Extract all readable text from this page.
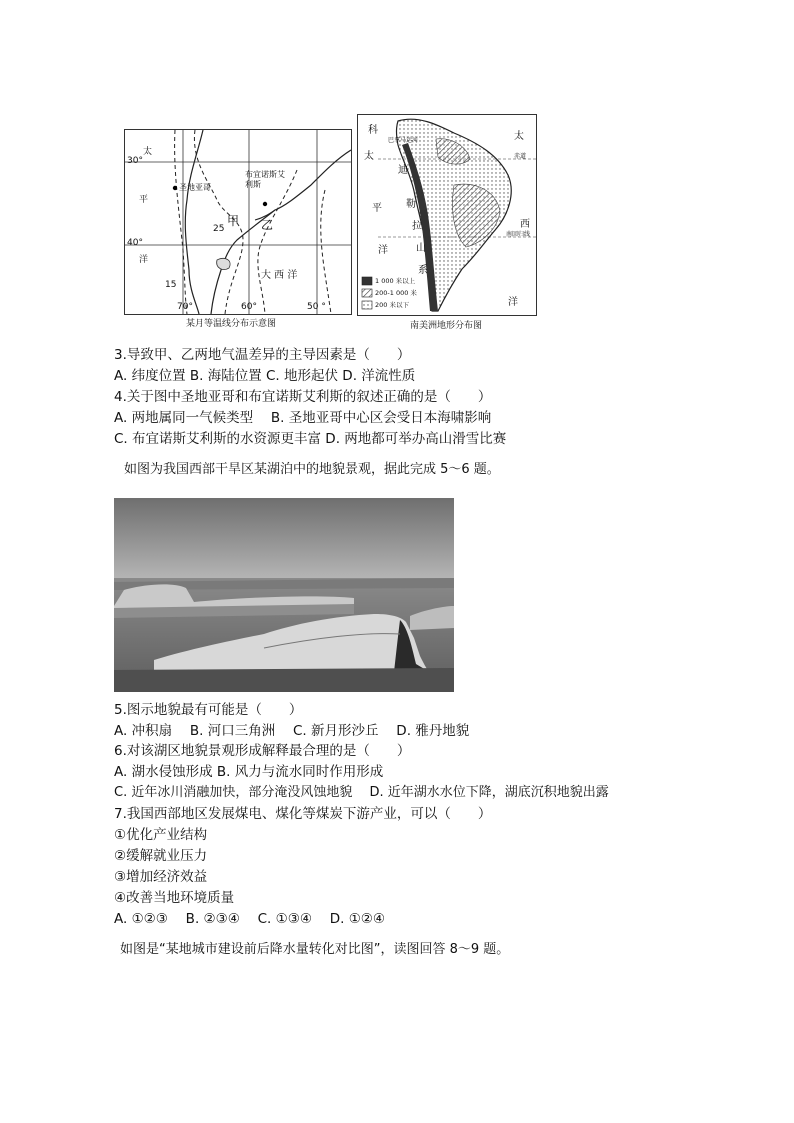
太
平
洋
30°
40°
圣地亚哥
布宜诺斯艾利斯
甲 乙
25
15
大 西 洋
70°	60°	50 °
某月等温线分布示意图
科
太
迪
勒
拉
山
系
平
洋
太
西
洋
巴拿马运河
赤道
南回归线
1 000 米以上
200-1 000 米
200 米以下
南美洲地形分布图
3.导致甲、乙两地气温差异的主导因素是（　　）
A. 纬度位置 B. 海陆位置 C. 地形起伏 D. 洋流性质
4.关于图中圣地亚哥和布宜诺斯艾利斯的叙述正确的是（　　）
A. 两地属同一气候类型　 B. 圣地亚哥中心区会受日本海啸影响
C. 布宜诺斯艾利斯的水资源更丰富 D. 两地都可举办高山滑雪比赛
如图为我国西部干旱区某湖泊中的地貌景观，据此完成 5～6 题。
5.图示地貌最有可能是（　　）
A. 冲积扇　 B. 河口三角洲　 C. 新月形沙丘　 D. 雅丹地貌
6.对该湖区地貌景观形成解释最合理的是（　　）
A. 湖水侵蚀形成 B. 风力与流水同时作用形成
C. 近年冰川消融加快，部分淹没风蚀地貌　 D. 近年湖水水位下降，湖底沉积地貌出露
7.我国西部地区发展煤电、煤化等煤炭下游产业，可以（　　）
①优化产业结构
②缓解就业压力
③增加经济效益
④改善当地环境质量
A. ①②③　 B. ②③④　 C. ①③④　 D. ①②④
如图是“某地城市建设前后降水量转化对比图”，读图回答 8～9 题。
